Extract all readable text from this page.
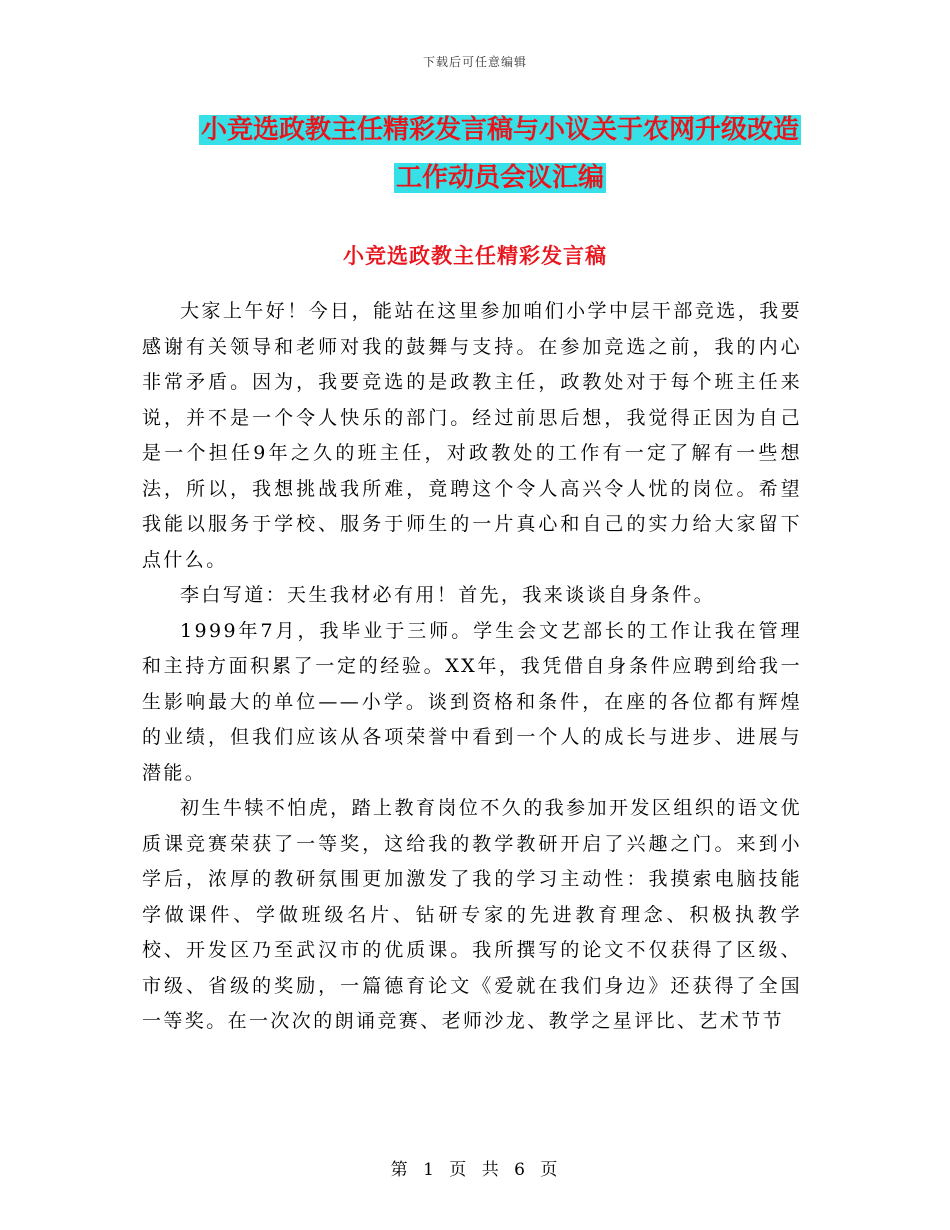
下载后可任意编辑
小竞选政教主任精彩发言稿与小议关于农网升级改造
工作动员会议汇编
小竞选政教主任精彩发言稿

大家上午好！今日，能站在这里参加咱们小学中层干部竞选，我要感谢有关领导和老师对我的鼓舞与支持。在参加竞选之前，我的内心非常矛盾。因为，我要竞选的是政教主任，政教处对于每个班主任来说，并不是一个令人快乐的部门。经过前思后想，我觉得正因为自己是一个担任9年之久的班主任，对政教处的工作有一定了解有一些想法，所以，我想挑战我所难，竟聘这个令人高兴令人忧的岗位。希望我能以服务于学校、服务于师生的一片真心和自己的实力给大家留下点什么。

李白写道：天生我材必有用！首先，我来谈谈自身条件。

1999年7月，我毕业于三师。学生会文艺部长的工作让我在管理和主持方面积累了一定的经验。XX年，我凭借自身条件应聘到给我一生影响最大的单位——小学。谈到资格和条件，在座的各位都有辉煌的业绩，但我们应该从各项荣誉中看到一个人的成长与进步、进展与潜能。

初生牛犊不怕虎，踏上教育岗位不久的我参加开发区组织的语文优质课竞赛荣获了一等奖，这给我的教学教研开启了兴趣之门。来到小学后，浓厚的教研氛围更加激发了我的学习主动性：我摸索电脑技能学做课件、学做班级名片、钻研专家的先进教育理念、积极执教学校、开发区乃至武汉市的优质课。我所撰写的论文不仅获得了区级、市级、省级的奖励，一篇德育论文《爱就在我们身边》还获得了全国一等奖。在一次次的朗诵竞赛、老师沙龙、教学之星评比、艺术节节

第 1 页 共 6 页
